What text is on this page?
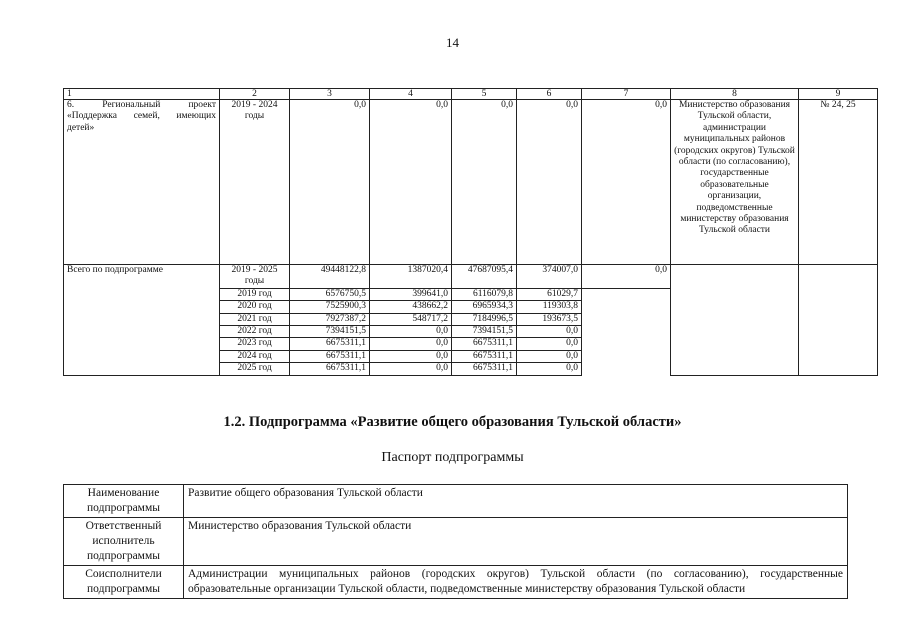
14
1	2	3	4	5	6	7	8	9
6. Региональный проект «Поддержка семей, имеющих детей»	2019 - 2024 годы	0,0	0,0	0,0	0,0	0,0	Министерство образования Тульской области, администрации муниципальных районов (городских округов) Тульской области (по согласованию), государственные образовательные организации, подведомственные министерству образования Тульской области	№ 24, 25
Всего по подпрограмме	2019 - 2025 годы	49448122,8	1387020,4	47687095,4	374007,0	0,0		
	2019 год	6576750,5	399641,0	6116079,8	61029,7			
	2020 год	7525900,3	438662,2	6965934,3	119303,8			
	2021 год	7927387,2	548717,2	7184996,5	193673,5			
	2022 год	7394151,5	0,0	7394151,5	0,0			
	2023 год	6675311,1	0,0	6675311,1	0,0			
	2024 год	6675311,1	0,0	6675311,1	0,0			
	2025 год	6675311,1	0,0	6675311,1	0,0			
1.2. Подпрограмма «Развитие общего образования Тульской области»
Паспорт подпрограммы
Наименование подпрограммы	Развитие общего образования Тульской области
Ответственный исполнитель подпрограммы	Министерство образования Тульской области
Соисполнители подпрограммы	Администрации муниципальных районов (городских округов) Тульской области (по согласованию), государственные образовательные организации Тульской области, подведомственные министерству образования Тульской области
